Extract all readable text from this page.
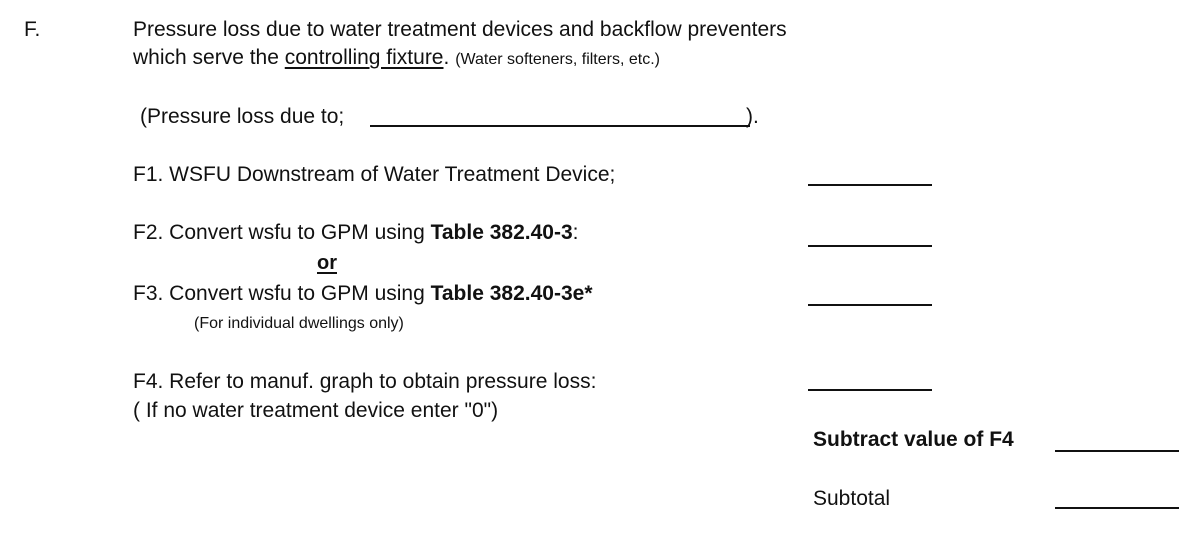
F.	Pressure loss due to water treatment devices and backflow preventers
which serve the controlling fixture. (Water softeners, filters, etc.)
(Pressure loss due to;	).
F1. WSFU Downstream of Water Treatment Device;
F2. Convert wsfu to GPM using Table 382.40-3:
or
F3. Convert wsfu to GPM using Table 382.40-3e*
(For individual dwellings only)
F4. Refer to manuf. graph to obtain pressure loss:
( If no water treatment device enter "0")
Subtract value of F4
Subtotal
